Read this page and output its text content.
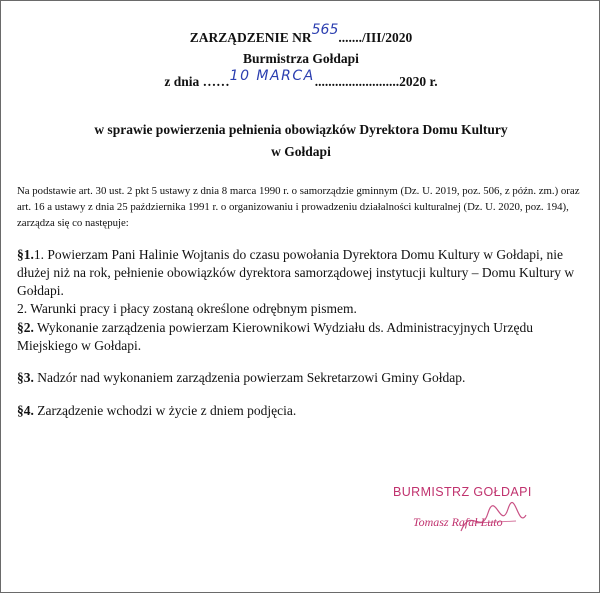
ZARZĄDZENIE NR565......./III/2020
Burmistrza Gołdapi
z dnia ……10 MARCA.........................2020 r.
w sprawie powierzenia pełnienia obowiązków Dyrektora Domu Kultury
w Gołdapi
Na podstawie art. 30 ust. 2 pkt 5 ustawy z dnia 8 marca 1990 r. o samorządzie gminnym (Dz. U. 2019, poz. 506, z późn. zm.) oraz art. 16 a ustawy z dnia 25 października 1991 r. o organizowaniu i prowadzeniu działalności kulturalnej (Dz. U. 2020, poz. 194), zarządza się co następuje:
§1.1. Powierzam Pani Halinie Wojtanis do czasu powołania Dyrektora Domu Kultury w Gołdapi, nie dłużej niż na rok, pełnienie obowiązków dyrektora samorządowej instytucji kultury – Domu Kultury w Gołdapi.
2. Warunki pracy i płacy zostaną określone odrębnym pismem.
§2. Wykonanie zarządzenia powierzam Kierownikowi Wydziału ds. Administracyjnych Urzędu Miejskiego w Gołdapi.
§3. Nadzór nad wykonaniem zarządzenia powierzam Sekretarzowi Gminy Gołdap.
§4. Zarządzenie wchodzi w życie z dniem podjęcia.
BURMISTRZ GOŁDAPI
Tomasz Rafał Luto
